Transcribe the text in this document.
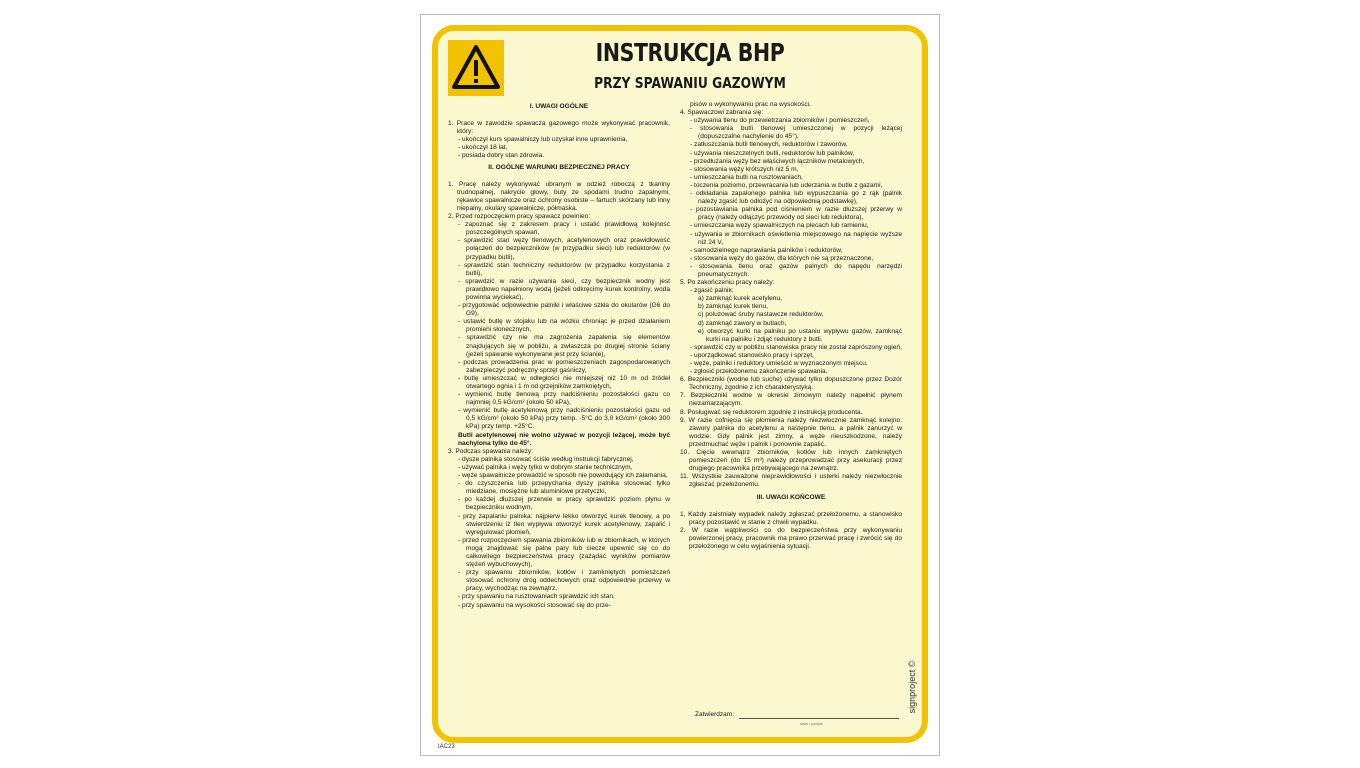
INSTRUKCJA BHP
PRZY SPAWANIU GAZOWYM
I. UWAGI OGÓLNE
1. Prace w zawodzie spawacza gazowego może wykonywać pracownik, który:
- ukończył kurs spawalniczy lub uzyskał inne uprawnienia,
- ukończył 18 lat,
- posiada dobry stan zdrowia.
II. OGÓLNE WARUNKI BEZPIECZNEJ PRACY
1. Pracę należy wykonywać ubranym w odzież roboczą z tkaniny trudnopalnej, nakrycie głowy, buty ze spodami trudno zapalnymi, rękawice spawalnicze oraz ochrony osobiste – fartuch skórzany lub inny niepalny, okulary spawalnicze, półmaska.
2. Przed rozpoczęciem pracy spawacz powinien:
- zapoznać się z zakresem pracy i ustalić prawidłową kolejność poszczególnych spawań,
- sprawdzić stan węży tlenowych, acetylenowych oraz prawidłowość połączeń do bezpieczników (w przypadku sieci) lub reduktorów (w przypadku butli),
- sprawdzić stan techniczny reduktorów (w przypadku korzystania z butli),
- sprawdzić w razie używania sieci, czy bezpiecznik wodny jest prawidłowo napełniony wodą (jeżeli odkręcimy kurek kontrolny, woda powinna wyciekać),
- przygotować odpowiednie palniki i właściwe szkła do okularów (G6 do G9),
- ustawić butlę w stojaku lub na wózku chroniąc je przed działaniem promieni słonecznych,
- sprawdzić czy nie ma zagrożenia zapalenia się elementów znajdujących się w pobliżu, a zwłaszcza po drugiej stronie ściany (jeżeli spawanie wykonywane jest przy ścianie),
- podczas prowadzenia prac w pomieszczeniach zagospodarowanych zabezpieczyć podręczny sprzęt gaśniczy,
- butlę umieszczać w odległości nie mniejszej niż 10 m od źródeł otwartego ognia i 1 m od grzejników zamkniętych,
- wymienić butlę tlenową przy nadciśnieniu pozostałości gazu co najmniej 0,5 kG/cm² (około 50 kPa),
- wymienić butlę acetylenową przy nadciśnieniu pozostałości gazu od 0,5 kG/cm² (około 50 kPa) przy temp. -5°C do 3,0 kG/cm² (około 300 kPa) przy temp. +25°C.
Butli acetylenowej nie wolno używać w pozycji leżącej, może być nachylona tylko do 45°.
3. Podczas spawania należy:
- dysze palnika stosować ściśle według instrukcji fabrycznej,
- używać palnika i węży tylko w dobrym stanie technicznym,
- węże spawalnicze prowadzić w sposób nie powodujący ich załamania,
- do czyszczenia lub przepychania dyszy palnika stosować tylko miedziane, mosiężne lub aluminiowe przetyczki,
- po każdej dłuższej przerwie w pracy sprawdzić poziom płynu w bezpieczniku wodnym,
- przy zapalaniu palnika: najpierw lekko otworzyć kurek tlenowy, a po stwierdzeniu iż tlen wypływa otworzyć kurek acetylenowy, zapalić i wyregulować płomień,
- przed rozpoczęciem spawania zbiorników lub w zbiornikach, w których mogą znajdować się palne pary lub ciecze upewnić się co do całkowitego bezpieczeństwa pracy (zażądać wyników pomiarów stężeń wybuchowych),
- przy spawaniu zbiorników, kotłów i zamkniętych pomieszczeń stosować ochrony dróg oddechowych oraz odpowiednie przerwy w pracy, wychodząc na zewnątrz,
- przy spawaniu na rusztowaniach sprawdzić ich stan,
- przy spawaniu na wysokości stosować się do prze-
pisów o wykonywaniu prac na wysokości.
4. Spawaczowi zabrania się:
- używania tlenu do przewietrzania zbiorników i pomieszczeń,
- stosowania butli tlenowej umieszczonej w pozycji leżącej (dopuszczalne nachylenie do 45°),
- zatłuszczania butli tlenowych, reduktorów i zaworów,
- używania nieszczelnych butli, reduktorów lub palników,
- przedłużania węży bez właściwych łączników metalowych,
- stosowania węży krótszych niż 5 m,
- umieszczania butli na rusztowaniach,
- toczenia poziomo, przewracania lub uderzania w butle z gazami,
- odkładania zapalonego palnika lub wypuszczania go z rąk (palnik należy zgasić lub odłożyć na odpowiednią podstawkę),
- pozostawiania palnika pod ciśnieniem w razie dłuższej przerwy w pracy (należy odłączyć przewody od sieci lub reduktora),
- umieszczania węży spawalniczych na plecach lub ramieniu,
- używania w zbiornikach oświetlenia miejscowego na napięcie wyższe niż 24 V,
- samodzielnego naprawiania palników i reduktorów,
- stosowania węży do gazów, dla których nie są przeznaczone,
- stosowania tlenu oraz gazów palnych do napędu narzędzi pneumatycznych.
5. Po zakończeniu pracy należy:
- zgasić palnik:
a) zamknąć kurek acetylenu,
b) zamknąć kurek tlenu,
c) poluzować śruby nastawcze reduktorów,
d) zamknąć zawory w butlach,
e) otworzyć kurki na palniku po ustaniu wypływu gazów, zamknąć kurki na palniku i zdjąć reduktory z butli.
- sprawdzić czy w pobliżu stanowiska pracy nie został zaprószony ogień,
- uporządkować stanowisko pracy i sprzęt,
- węże, palniki i reduktory umieścić w wyznaczonym miejscu,
- zgłosić przełożonemu zakończenie spawania.
6. Bezpieczniki (wodne lub suche) używać tylko dopuszczone przez Dozór Techniczny, zgodnie z ich charakterystyką.
7. Bezpieczniki wodne w okresie zimowym należy napełnić płynem niezamarzającym.
8. Posługiwać się reduktorem zgodnie z instrukcją producenta.
9. W razie cofnięcia się płomienia należy niezwłocznie zamknąć kolejno: zawory palnika do acetylenu a następnie tlenu, a palnik zanurzyć w wodzie. Gdy palnik jest zimny, a węże nieuszkodzone, należy przedmuchać węże i palnik i ponownie zapalić.
10. Cięcie wewnątrz zbiorników, kotłów lub innych zamkniętych pomieszczeń (do 15 m³) należy przeprowadzać przy asekuracji przez drugiego pracownika przebywającego na zewnątrz.
11. Wszystkie zauważone nieprawidłowości i usterki należy niezwłocznie zgłaszać przełożonemu.
III. UWAGI KOŃCOWE
1. Każdy zaistniały wypadek należy zgłaszać przełożonemu, a stanowisko pracy pozostawić w stanie z chwili wypadku.
2. W razie wątpliwości co do bezpieczeństwa przy wykonywaniu powierzonej pracy, pracownik ma prawo przerwać pracę i zwrócić się do przełożonego w celu wyjaśnienia sytuacji.
Zatwierdzam:
data i podpis
signproject ©
IAC23
